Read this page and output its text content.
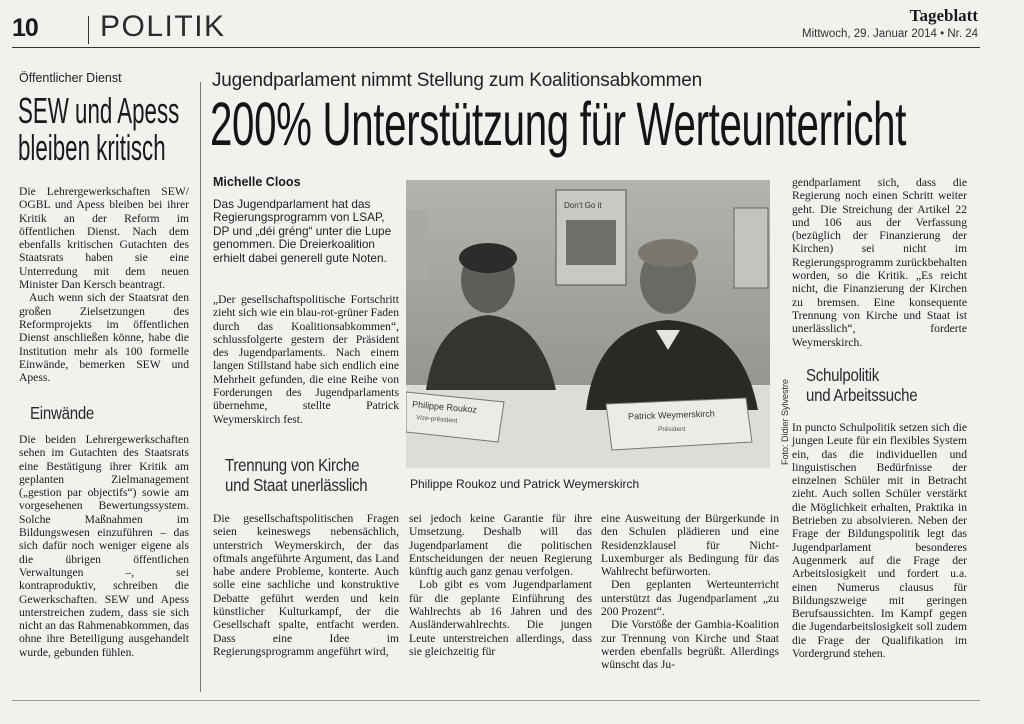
10 POLITIK	Tageblatt
Mittwoch, 29. Januar 2014 • Nr. 24
Öffentlicher Dienst
SEW und Apess
bleiben kritisch

Die Lehrergewerkschaften SEW/ OGBL und Apess bleiben bei ihrer Kritik an der Reform im öffentlichen Dienst. Nach dem ebenfalls kritischen Gutachten des Staatsrats haben sie eine Unterredung mit dem neuen Minister Dan Kersch beantragt.

Auch wenn sich der Staatsrat den großen Zielsetzungen des Reformprojekts im öffentlichen Dienst anschließen könne, habe die Institution mehr als 100 formelle Einwände, bemerken SEW und Apess.

Einwände

Die beiden Lehrergewerkschaften sehen im Gutachten des Staatsrats eine Bestätigung ihrer Kritik am geplanten Zielmanagement („gestion par objectifs“) sowie am vorgesehenen Bewertungssystem. Solche Maßnahmen im Bildungswesen einzuführen – das sich dafür noch weniger eigene als die übrigen öffentlichen Verwaltungen –, sei kontraproduktiv, schreiben die Gewerkschaften. SEW und Apess unterstreichen zudem, dass sie sich nicht an das Rahmenabkommen, das ohne ihre Beteiligung ausgehandelt wurde, gebunden fühlen.

Jugendparlament nimmt Stellung zum Koalitionsabkommen
200% Unterstützung für Werteunterricht
Michelle Cloos
Das Jugendparlament hat das Regierungsprogramm von LSAP, DP und „déi gréng“ unter die Lupe genommen. Die Dreierkoalition erhielt dabei generell gute Noten.

„Der gesellschaftspolitische Fortschritt zieht sich wie ein blau-rot-grüner Faden durch das Koalitionsabkommen“, schlussfolgerte gestern der Präsident des Jugendparlaments. Nach einem langen Stillstand habe sich endlich eine Mehrheit gefunden, die eine Reihe von Forderungen des Jugendparlaments übernehme, stellte Patrick Weymerskirch fest.

Trennung von Kirche
und Staat unerlässlich

Die gesellschaftspolitischen Fragen seien keineswegs nebensächlich, unterstrich Weymerskirch, der das oftmals angeführte Argument, das Land habe andere Probleme, konterte. Auch solle eine sachliche und konstruktive Debatte geführt werden und kein künstlicher Kulturkampf, der die Gesellschaft spalte, entfacht werden. Dass eine Idee im Regierungsprogramm angeführt wird,

Don't Go it
Philippe Roukoz
Vize-président	Patrick Weymerskirch
Président	Foto: Didier Sylvestre
Philippe Roukoz und Patrick Weymerskirch

sei jedoch keine Garantie für ihre Umsetzung. Deshalb will das Jugendparlament die politischen Entscheidungen der neuen Regierung künftig auch ganz genau verfolgen.

Lob gibt es vom Jugendparlament für die geplante Einführung des Wahlrechts ab 16 Jahren und des Ausländerwahlrechts. Die jungen Leute unterstreichen allerdings, dass sie gleichzeitig für

eine Ausweitung der Bürgerkunde in den Schulen plädieren und eine Residenzklausel für Nicht-Luxemburger als Bedingung für das Wahlrecht befürworten.

Den geplanten Werteunterricht unterstützt das Jugendparlament „zu 200 Prozent“.

Die Vorstöße der Gambia-Koalition zur Trennung von Kirche und Staat werden ebenfalls begrüßt. Allerdings wünscht das Ju-

gendparlament sich, dass die Regierung noch einen Schritt weiter geht. Die Streichung der Artikel 22 und 106 aus der Verfassung (bezüglich der Finanzierung der Kirchen) sei nicht im Regierungsprogramm zurückbehalten worden, so die Kritik. „Es reicht nicht, die Finanzierung der Kirchen zu bremsen. Eine konsequente Trennung von Kirche und Staat ist unerlässlich“, forderte Weymerskirch.

Schulpolitik
und Arbeitssuche

In puncto Schulpolitik setzen sich die jungen Leute für ein flexibles System ein, das die individuellen und linguistischen Bedürfnisse der einzelnen Schüler mit in Betracht zieht. Auch sollen Schüler verstärkt die Möglichkeit erhalten, Praktika in Betrieben zu absolvieren. Neben der Frage der Bildungspolitik legt das Jugendparlament besonderes Augenmerk auf die Frage der Arbeitslosigkeit und fordert u.a. einen Numerus clausus für Bildungszweige mit geringen Berufsaussichten. Im Kampf gegen die Jugendarbeitslosigkeit soll zudem die Frage der Qualifikation im Vordergrund stehen.
